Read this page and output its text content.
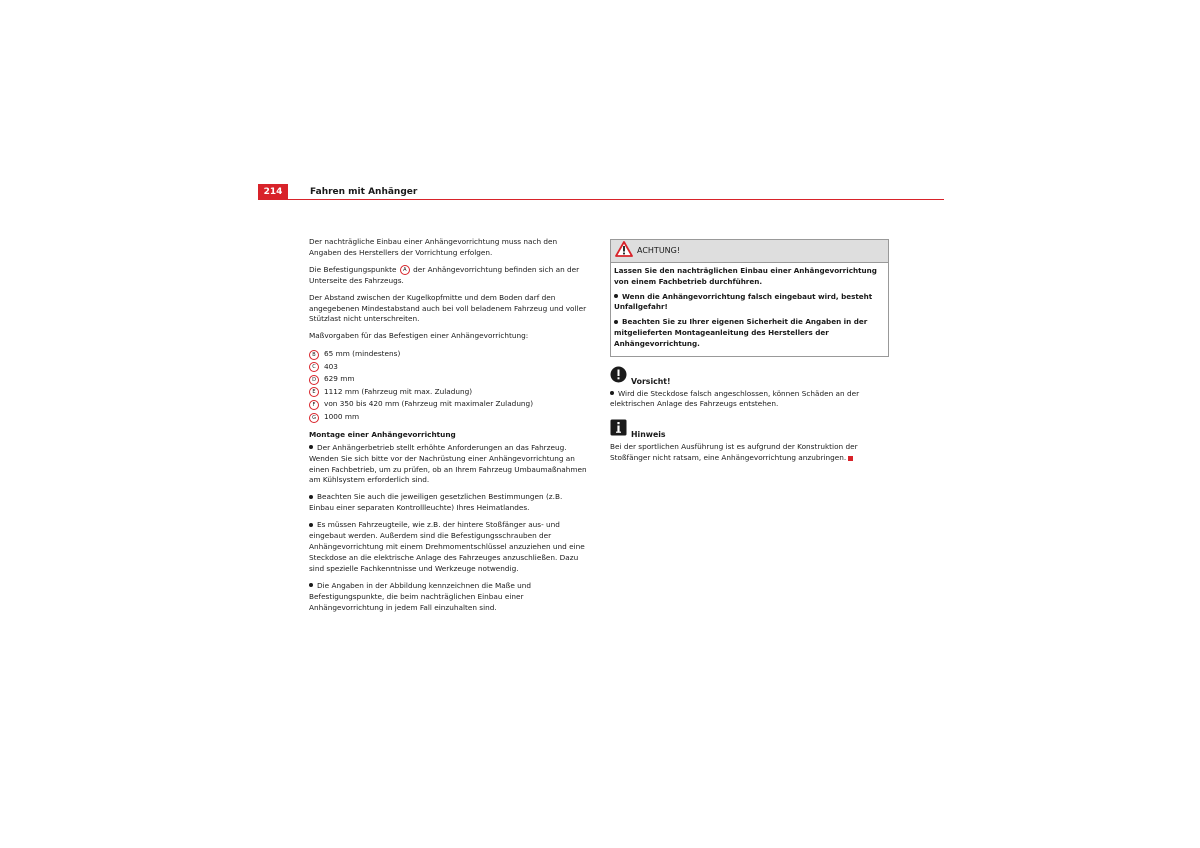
214	Fahren mit Anhänger

Der nachträgliche Einbau einer Anhängevorrichtung muss nach den Angaben des Herstellers der Vorrichtung erfolgen.

Die Befestigungspunkte A der Anhängevorrichtung befinden sich an der Unterseite des Fahrzeugs.

Der Abstand zwischen der Kugelkopfmitte und dem Boden darf den angegebenen Mindestabstand auch bei voll beladenem Fahrzeug und voller Stützlast nicht unterschreiten.

Maßvorgaben für das Befestigen einer Anhängevorrichtung:

B	65 mm (mindestens)
C	403
D	629 mm
E	1112 mm (Fahrzeug mit max. Zuladung)
F	von 350 bis 420 mm (Fahrzeug mit maximaler Zuladung)
G	1000 mm
Montage einer Anhängevorrichtung

Der Anhängerbetrieb stellt erhöhte Anforderungen an das Fahrzeug. Wenden Sie sich bitte vor der Nachrüstung einer Anhängevorrichtung an einen Fachbetrieb, um zu prüfen, ob an Ihrem Fahrzeug Umbaumaßnahmen am Kühlsystem erforderlich sind.

Beachten Sie auch die jeweiligen gesetzlichen Bestimmungen (z.B. Einbau einer separaten Kontrollleuchte) Ihres Heimatlandes.

Es müssen Fahrzeugteile, wie z.B. der hintere Stoßfänger aus- und eingebaut werden. Außerdem sind die Befestigungsschrauben der Anhängevorrichtung mit einem Drehmomentschlüssel anzuziehen und eine Steckdose an die elektrische Anlage des Fahrzeuges anzuschließen. Dazu sind spezielle Fachkenntnisse und Werkzeuge notwendig.

Die Angaben in der Abbildung kennzeichnen die Maße und Befestigungspunkte, die beim nachträglichen Einbau einer Anhängevorrichtung in jedem Fall einzuhalten sind.

ACHTUNG!

Lassen Sie den nachträglichen Einbau einer Anhängevorrichtung von einem Fachbetrieb durchführen.

Wenn die Anhängevorrichtung falsch eingebaut wird, besteht Unfallgefahr!

Beachten Sie zu Ihrer eigenen Sicherheit die Angaben in der mitgelieferten Montageanleitung des Herstellers der Anhängevorrichtung.

Vorsicht!

Wird die Steckdose falsch angeschlossen, können Schäden an der elektrischen Anlage des Fahrzeugs entstehen.

Hinweis

Bei der sportlichen Ausführung ist es aufgrund der Konstruktion der Stoßfänger nicht ratsam, eine Anhängevorrichtung anzubringen.
